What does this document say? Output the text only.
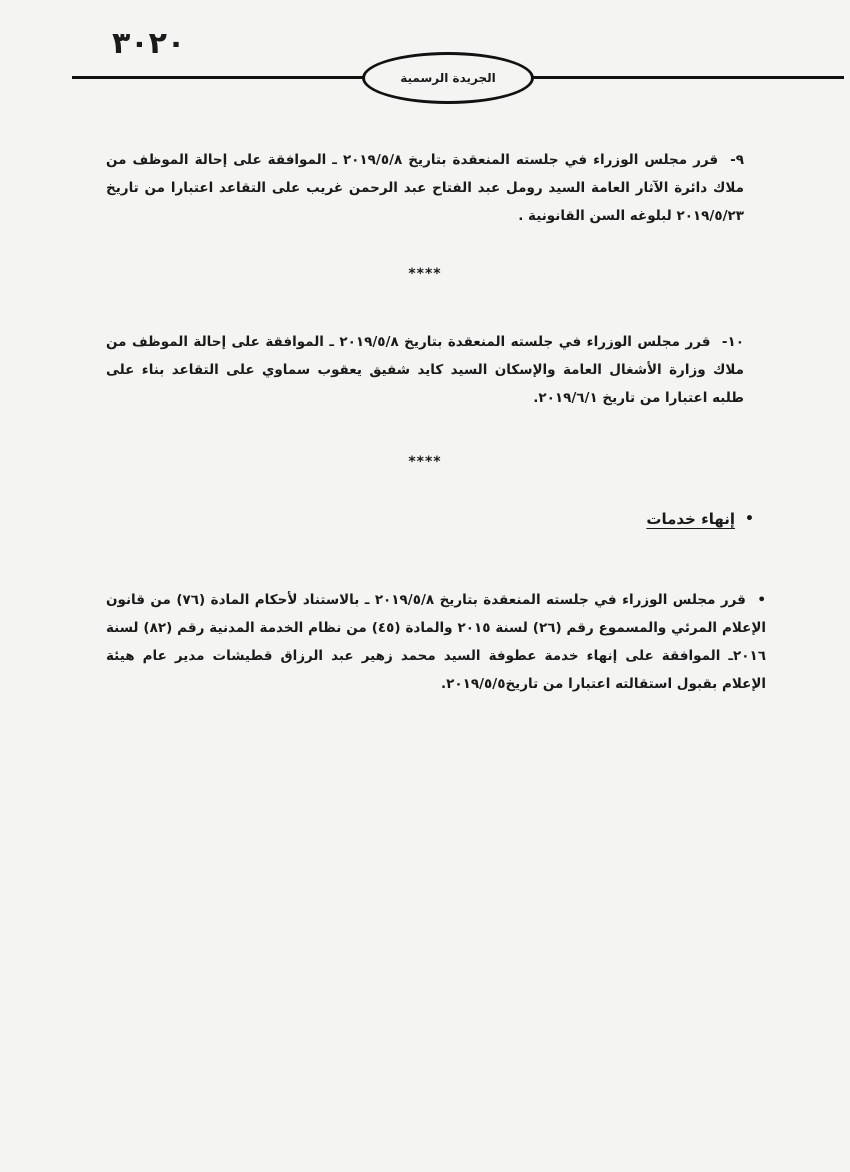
٣٠٢٠
الجريدة الرسمية
٩- قرر مجلس الوزراء في جلسته المنعقدة بتاريخ ٢٠١٩/٥/٨ ـ الموافقة على إحالة الموظف من ملاك دائرة الآثار العامة السيد رومل عبد الفتاح عبد الرحمن غريب على التقاعد اعتبارا من تاريخ ٢٠١٩/٥/٢٣ لبلوغه السن القانونية .
****
١٠- قرر مجلس الوزراء في جلسته المنعقدة بتاريخ ٢٠١٩/٥/٨ ـ الموافقة على إحالة الموظف من ملاك وزارة الأشغال العامة والإسكان السيد كايد شفيق يعقوب سماوي على التقاعد بناء على طلبه اعتبارا من تاريخ ٢٠١٩/٦/١.
****
•
إنهاء خدمات
• قرر مجلس الوزراء في جلسته المنعقدة بتاريخ ٢٠١٩/٥/٨ ـ بالاستناد لأحكام المادة (٧٦) من قانون الإعلام المرئي والمسموع رقم (٢٦) لسنة ٢٠١٥ والمادة (٤٥) من نظام الخدمة المدنية رقم (٨٢) لسنة ٢٠١٦ـ الموافقة على إنهاء خدمة عطوفة السيد محمد زهير عبد الرزاق قطيشات مدير عام هيئة الإعلام بقبول استقالته اعتبارا من تاريخ٢٠١٩/٥/٥.
